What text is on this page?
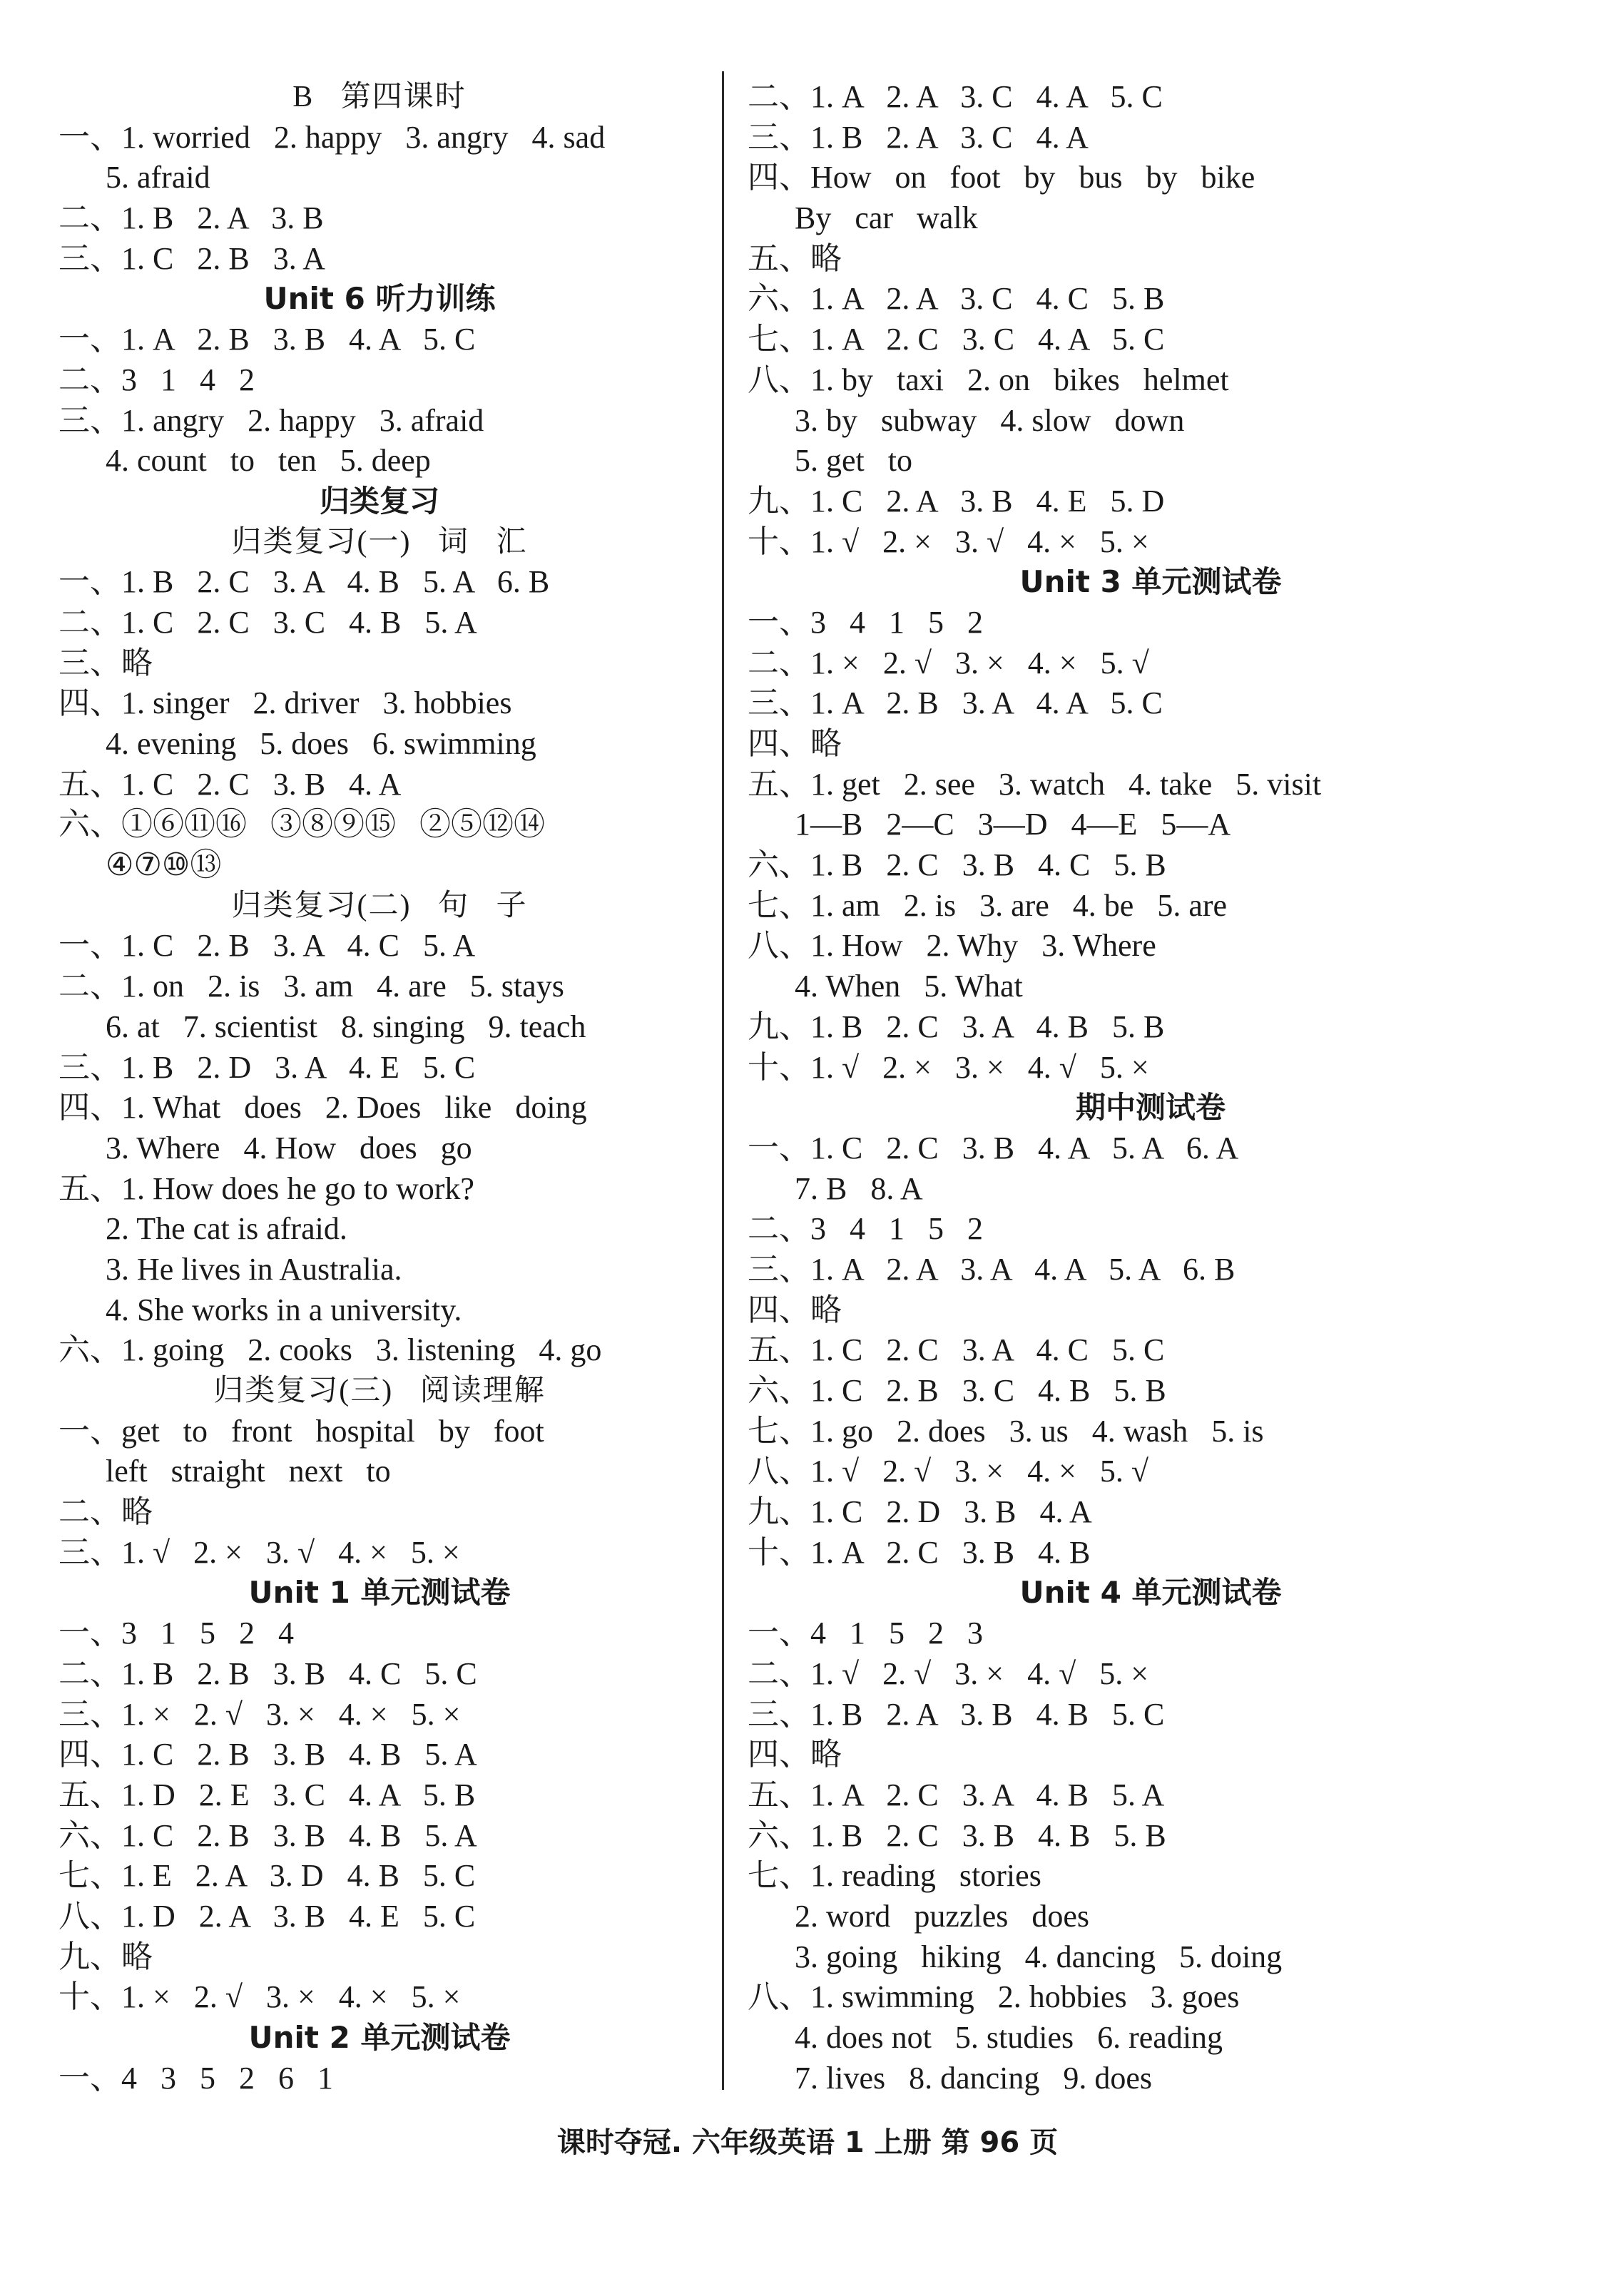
B   第四课时
一、1. worried   2. happy   3. angry   4. sad
5. afraid
二、1. B   2. A   3. B
三、1. C   2. B   3. A
Unit 6 听力训练
一、1. A   2. B   3. B   4. A   5. C
二、3   1   4   2
三、1. angry   2. happy   3. afraid
4. count   to   ten   5. deep
归类复习
归类复习(一)   词   汇
一、1. B   2. C   3. A   4. B   5. A   6. B
二、1. C   2. C   3. C   4. B   5. A
三、略
四、1. singer   2. driver   3. hobbies
4. evening   5. does   6. swimming
五、1. C   2. C   3. B   4. A
六、①⑥⑪⑯   ③⑧⑨⑮   ②⑤⑫⑭
④⑦⑩⑬
归类复习(二)   句   子
一、1. C   2. B   3. A   4. C   5. A
二、1. on   2. is   3. am   4. are   5. stays
6. at   7. scientist   8. singing   9. teach
三、1. B   2. D   3. A   4. E   5. C
四、1. What   does   2. Does   like   doing
3. Where   4. How   does   go
五、1. How does he go to work?
2. The cat is afraid.
3. He lives in Australia.
4. She works in a university.
六、1. going   2. cooks   3. listening   4. go
归类复习(三)   阅读理解
一、get   to   front   hospital   by   foot
left   straight   next   to
二、略
三、1. √   2. ×   3. √   4. ×   5. ×
Unit 1 单元测试卷
一、3   1   5   2   4
二、1. B   2. B   3. B   4. C   5. C
三、1. ×   2. √   3. ×   4. ×   5. ×
四、1. C   2. B   3. B   4. B   5. A
五、1. D   2. E   3. C   4. A   5. B
六、1. C   2. B   3. B   4. B   5. A
七、1. E   2. A   3. D   4. B   5. C
八、1. D   2. A   3. B   4. E   5. C
九、略
十、1. ×   2. √   3. ×   4. ×   5. ×
Unit 2 单元测试卷
一、4   3   5   2   6   1
二、1. A   2. A   3. C   4. A   5. C
三、1. B   2. A   3. C   4. A
四、How   on   foot   by   bus   by   bike
By   car   walk
五、略
六、1. A   2. A   3. C   4. C   5. B
七、1. A   2. C   3. C   4. A   5. C
八、1. by   taxi   2. on   bikes   helmet
3. by   subway   4. slow   down
5. get   to
九、1. C   2. A   3. B   4. E   5. D
十、1. √   2. ×   3. √   4. ×   5. ×
Unit 3 单元测试卷
一、3   4   1   5   2
二、1. ×   2. √   3. ×   4. ×   5. √
三、1. A   2. B   3. A   4. A   5. C
四、略
五、1. get   2. see   3. watch   4. take   5. visit
1—B   2—C   3—D   4—E   5—A
六、1. B   2. C   3. B   4. C   5. B
七、1. am   2. is   3. are   4. be   5. are
八、1. How   2. Why   3. Where
4. When   5. What
九、1. B   2. C   3. A   4. B   5. B
十、1. √   2. ×   3. ×   4. √   5. ×
期中测试卷
一、1. C   2. C   3. B   4. A   5. A   6. A
7. B   8. A
二、3   4   1   5   2
三、1. A   2. A   3. A   4. A   5. A   6. B
四、略
五、1. C   2. C   3. A   4. C   5. C
六、1. C   2. B   3. C   4. B   5. B
七、1. go   2. does   3. us   4. wash   5. is
八、1. √   2. √   3. ×   4. ×   5. √
九、1. C   2. D   3. B   4. A
十、1. A   2. C   3. B   4. B
Unit 4 单元测试卷
一、4   1   5   2   3
二、1. √   2. √   3. ×   4. √   5. ×
三、1. B   2. A   3. B   4. B   5. C
四、略
五、1. A   2. C   3. A   4. B   5. A
六、1. B   2. C   3. B   4. B   5. B
七、1. reading   stories
2. word   puzzles   does
3. going   hiking   4. dancing   5. doing
八、1. swimming   2. hobbies   3. goes
4. does not   5. studies   6. reading
7. lives   8. dancing   9. does
课时夺冠. 六年级英语 1 上册 第 96 页
